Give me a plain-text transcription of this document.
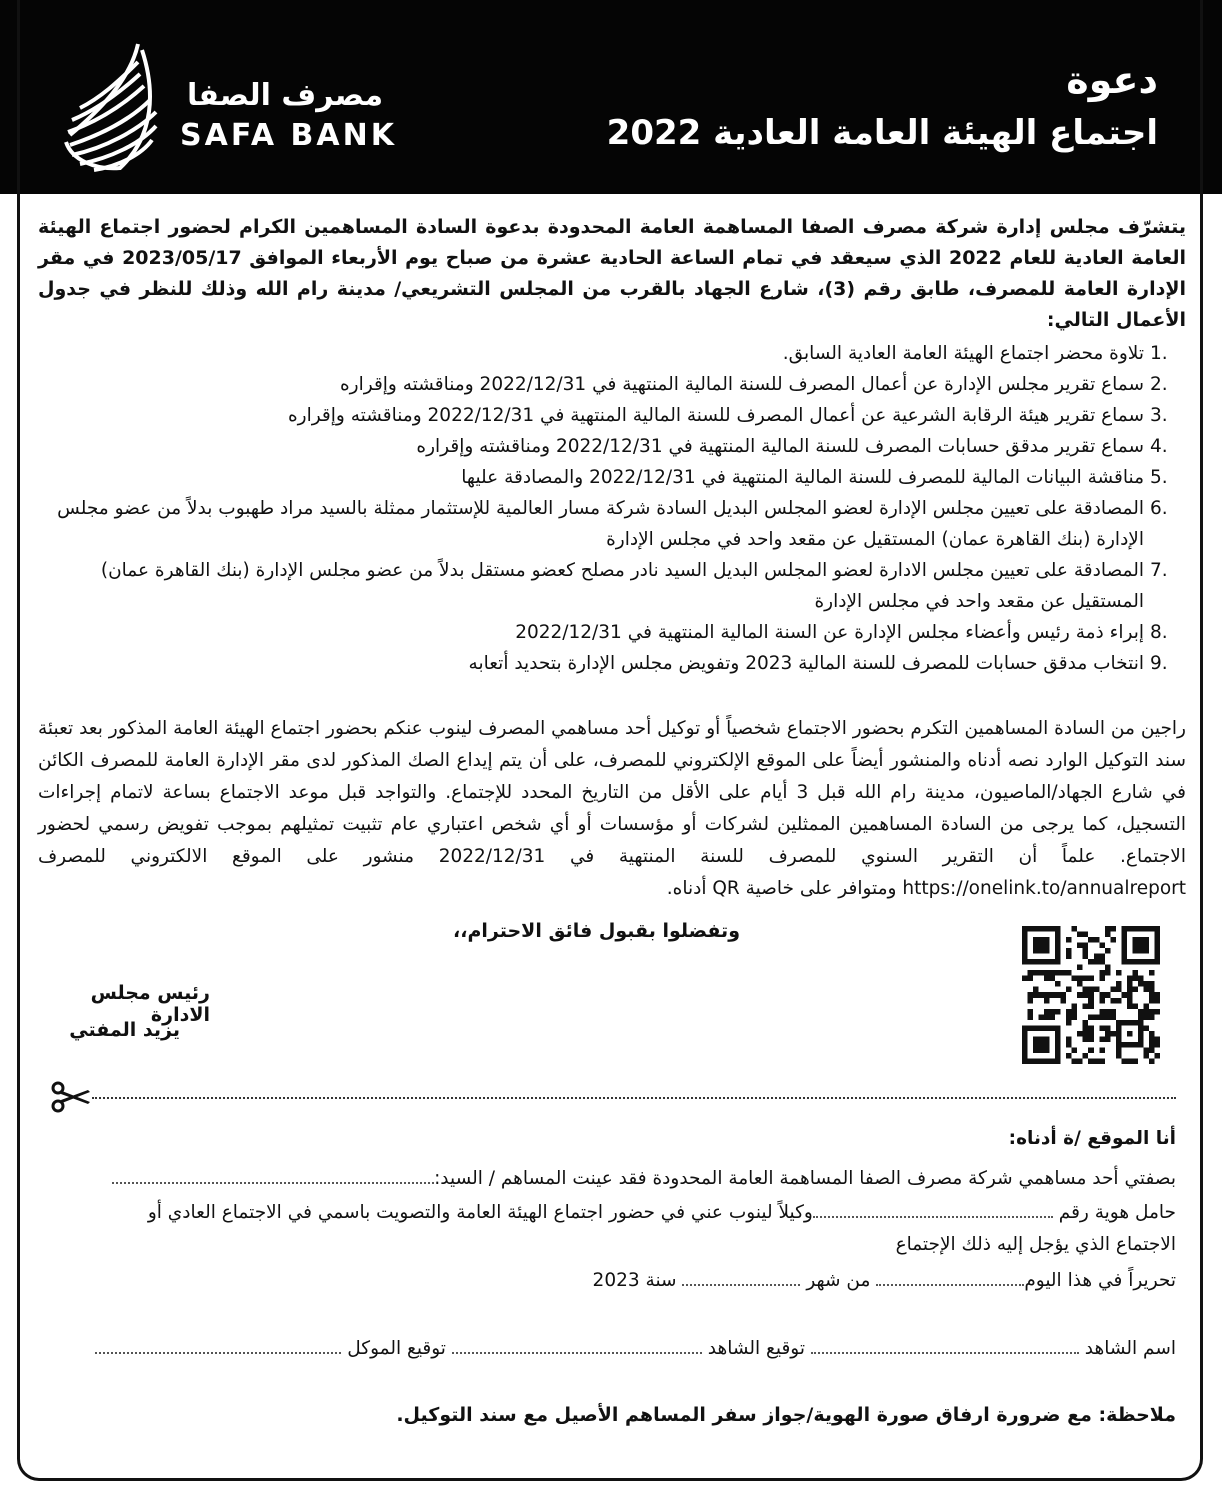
مصرف الصفا
SAFA BANK
دعوة
اجتماع الهيئة العامة العادية 2022
يتشرّف مجلس إدارة شركة مصرف الصفا المساهمة العامة المحدودة بدعوة السادة المساهمين الكرام لحضور اجتماع الهيئة العامة العادية للعام 2022 الذي سيعقد في تمام الساعة الحادية عشرة من صباح يوم الأربعاء الموافق 2023/05/17 في مقر الإدارة العامة للمصرف، طابق رقم (3)، شارع الجهاد بالقرب من المجلس التشريعي/ مدينة رام الله وذلك للنظر في جدول الأعمال التالي:
1.
تلاوة محضر اجتماع الهيئة العامة العادية السابق.
2.
سماع تقرير مجلس الإدارة عن أعمال المصرف للسنة المالية المنتهية في 2022/12/31 ومناقشته وإقراره
3.
سماع تقرير هيئة الرقابة الشرعية عن أعمال المصرف للسنة المالية المنتهية في 2022/12/31 ومناقشته وإقراره
4.
سماع تقرير مدقق حسابات المصرف للسنة المالية المنتهية في 2022/12/31 ومناقشته وإقراره
5.
مناقشة البيانات المالية للمصرف للسنة المالية المنتهية في 2022/12/31 والمصادقة عليها
6.
المصادقة على تعيين مجلس الإدارة لعضو المجلس البديل السادة شركة مسار العالمية للإستثمار ممثلة بالسيد مراد طهبوب بدلاً من عضو مجلس الإدارة (بنك القاهرة عمان) المستقيل عن مقعد واحد في مجلس الإدارة
7.
المصادقة على تعيين مجلس الادارة لعضو المجلس البديل السيد نادر مصلح كعضو مستقل بدلاً من عضو مجلس الإدارة (بنك القاهرة عمان) المستقيل عن مقعد واحد في مجلس الإدارة
8.
إبراء ذمة رئيس وأعضاء مجلس الإدارة عن السنة المالية المنتهية في 2022/12/31
9.
انتخاب مدقق حسابات للمصرف للسنة المالية 2023 وتفويض مجلس الإدارة بتحديد أتعابه
راجين من السادة المساهمين التكرم بحضور الاجتماع شخصياً أو توكيل أحد مساهمي المصرف لينوب عنكم بحضور اجتماع الهيئة العامة المذكور بعد تعبئة سند التوكيل الوارد نصه أدناه والمنشور أيضاً على الموقع الإلكتروني للمصرف، على أن يتم إيداع الصك المذكور لدى مقر الإدارة العامة للمصرف الكائن في شارع الجهاد/الماصيون، مدينة رام الله قبل 3 أيام على الأقل من التاريخ المحدد للإجتماع. والتواجد قبل موعد الاجتماع بساعة لاتمام إجراءات التسجيل، كما يرجى من السادة المساهمين الممثلين لشركات أو مؤسسات أو أي شخص اعتباري عام تثبيت تمثيلهم بموجب تفويض رسمي لحضور الاجتماع. علماً أن التقرير السنوي للمصرف للسنة المنتهية في 2022/12/31 منشور على الموقع الالكتروني للمصرف https://onelink.to/annualreport ومتوافر على خاصية QR أدناه.
وتفضلوا بقبول فائق الاحترام،،
رئيس مجلس الادارة
يزيد المفتي
أنا الموقع /ة أدناه:
بصفتي أحد مساهمي شركة مصرف الصفا المساهمة العامة المحدودة فقد عينت المساهم / السيد:
حامل هوية رقم وكيلاً لينوب عني في حضور اجتماع الهيئة العامة والتصويت باسمي في الاجتماع العادي أو
الاجتماع الذي يؤجل إليه ذلك الإجتماع
تحريراً في هذا اليوم من شهر  سنة 2023
اسم الشاهد  توقيع الشاهد  توقيع الموكل
ملاحظة: مع ضرورة ارفاق صورة الهوية/جواز سفر المساهم الأصيل مع سند التوكيل.
